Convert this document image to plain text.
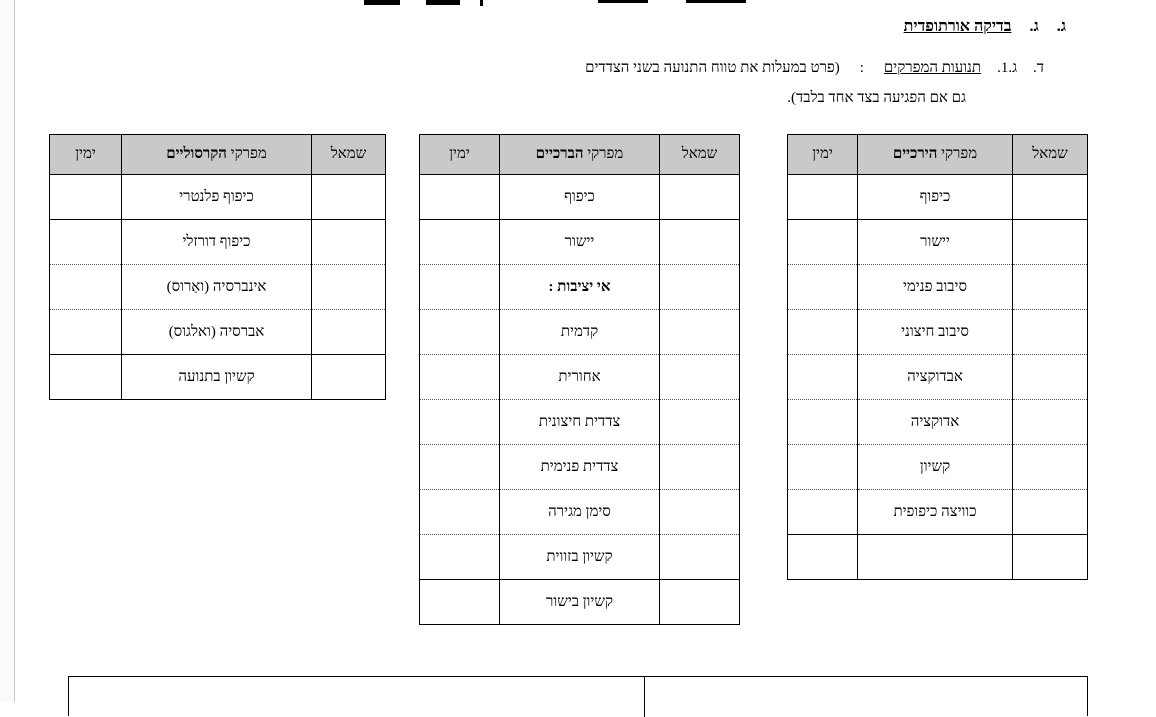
ג.
ג.
בדיקה אורתופדית
ד.
ג.1.
תנועות המפרקים
:
(פרט במעלות את טווח התנועה בשני הצדדים
גם אם הפגיעה בצד אחד בלבד).
שמאל	מפרקי הקרסוליים	ימין
	כיפוף פלנטרי	
	כיפוף דורזלי	
	אינברסיה (ואַרוס)	
	אברסיה (ואלגוס)	
	קשיון בתנועה	
שמאל	מפרקי הברכיים	ימין
	כיפוף	
	יישור	
	אי יציבות :	
	קדמית	
	אחורית	
	צדדית חיצונית	
	צדדית פנימית	
	סימן מגירה	
	קשיון בזווית	
	קשיון בישור	
שמאל	מפרקי הירכיים	ימין
	כיפוף	
	יישור	
	סיבוב פנימי	
	סיבוב חיצוני	
	אבדוקציה	
	אדוקציה	
	קשיון	
	כוויצה כיפופית	
